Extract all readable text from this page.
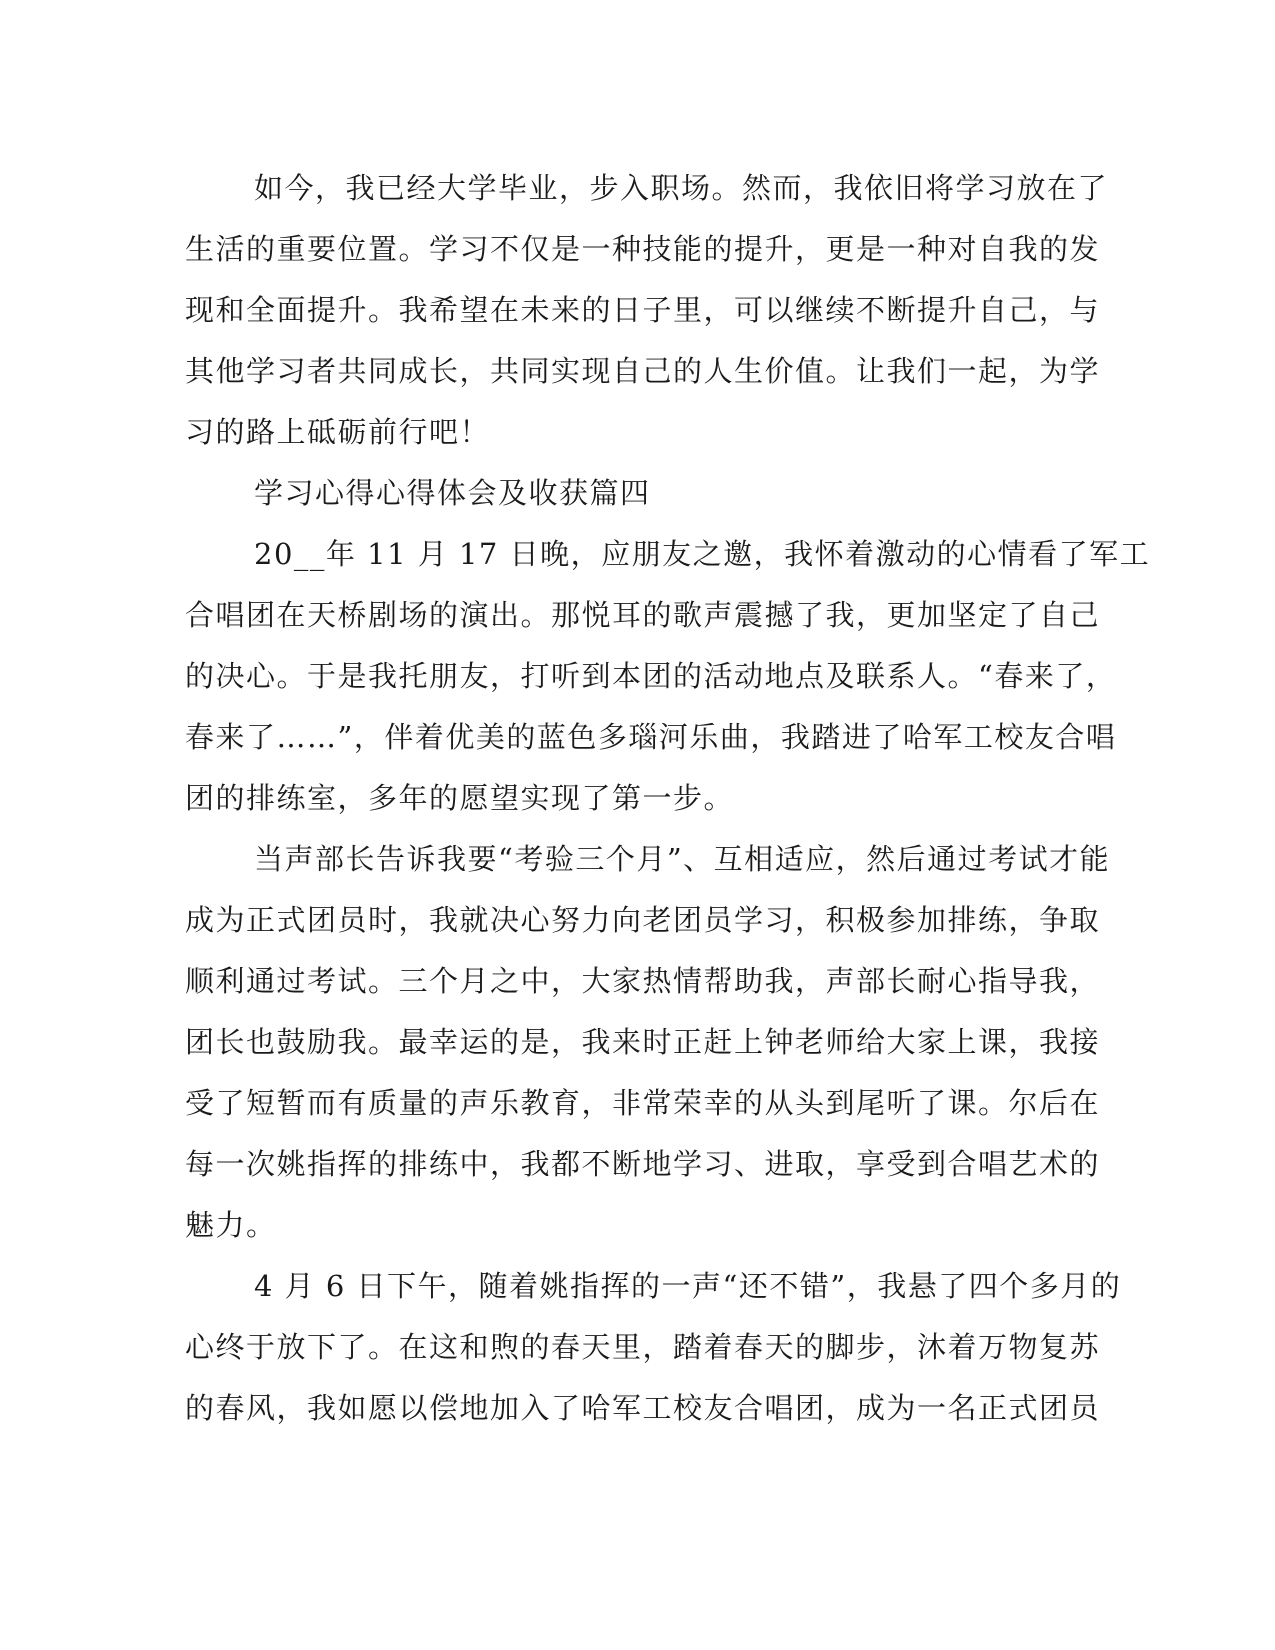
如今，我已经大学毕业，步入职场。然而，我依旧将学习放在了
生活的重要位置。学习不仅是一种技能的提升，更是一种对自我的发
现和全面提升。我希望在未来的日子里，可以继续不断提升自己，与
其他学习者共同成长，共同实现自己的人生价值。让我们一起，为学
习的路上砥砺前行吧！
学习心得心得体会及收获篇四
20__年 11 月 17 日晚，应朋友之邀，我怀着激动的心情看了军工
合唱团在天桥剧场的演出。那悦耳的歌声震撼了我，更加坚定了自己
的决心。于是我托朋友，打听到本团的活动地点及联系人。“春来了，
春来了……”，伴着优美的蓝色多瑙河乐曲，我踏进了哈军工校友合唱
团的排练室，多年的愿望实现了第一步。
当声部长告诉我要“考验三个月”、互相适应，然后通过考试才能
成为正式团员时，我就决心努力向老团员学习，积极参加排练，争取
顺利通过考试。三个月之中，大家热情帮助我，声部长耐心指导我，
团长也鼓励我。最幸运的是，我来时正赶上钟老师给大家上课，我接
受了短暂而有质量的声乐教育，非常荣幸的从头到尾听了课。尔后在
每一次姚指挥的排练中，我都不断地学习、进取，享受到合唱艺术的
魅力。
4 月 6 日下午，随着姚指挥的一声“还不错”，我悬了四个多月的
心终于放下了。在这和煦的春天里，踏着春天的脚步，沐着万物复苏
的春风，我如愿以偿地加入了哈军工校友合唱团，成为一名正式团员
